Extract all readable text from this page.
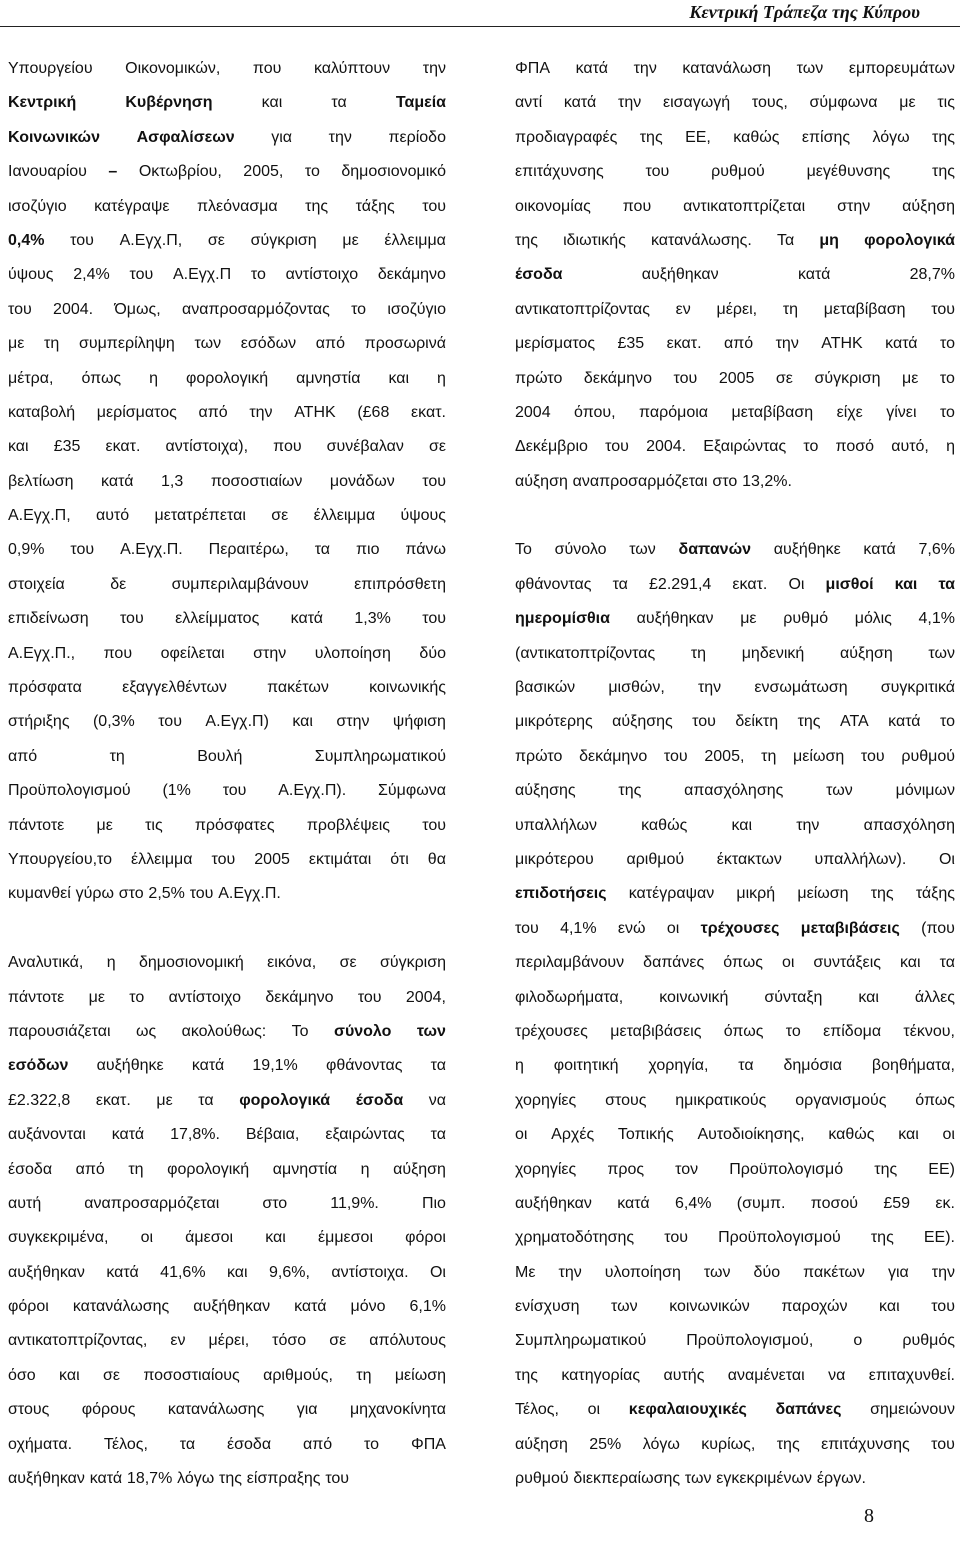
Κεντρική Τράπεζα της Κύπρου
Υπουργείου Οικονομικών, που καλύπτουν την
Κεντρική	Κυβέρνηση	και	τα	Ταμεία
Κοινωνικών Ασφαλίσεων για την περίοδο
Ιανουαρίου – Οκτωβρίου, 2005, το δημοσιονομικό
ισοζύγιο κατέγραψε πλεόνασμα της τάξης του
0,4% του Α.Εγχ.Π, σε σύγκριση με έλλειμμα
ύψους 2,4% του Α.Εγχ.Π το αντίστοιχο δεκάμηνο
του 2004. Όμως, αναπροσαρμόζοντας το ισοζύγιο
με τη συμπερίληψη των εσόδων από προσωρινά
μέτρα, όπως η φορολογική αμνηστία και η
καταβολή μερίσματος από την ΑΤΗΚ (£68 εκατ.
και £35 εκατ. αντίστοιχα), που συνέβαλαν σε
βελτίωση κατά 1,3 ποσοστιαίων μονάδων του
Α.Εγχ.Π, αυτό μετατρέπεται σε έλλειμμα ύψους
0,9% του Α.Εγχ.Π. Περαιτέρω, τα πιο πάνω
στοιχεία	δε	συμπεριλαμβάνουν	επιπρόσθετη
επιδείνωση του ελλείμματος κατά 1,3% του
Α.Εγχ.Π., που οφείλεται στην υλοποίηση δύο
πρόσφατα	εξαγγελθέντων	πακέτων	κοινωνικής
στήριξης (0,3% του Α.Εγχ.Π) και στην ψήφιση
από	τη	Βουλή	Συμπληρωματικού
Προϋπολογισμού (1% του Α.Εγχ.Π). Σύμφωνα
πάντοτε με τις πρόσφατες προβλέψεις του
Υπουργείου,το έλλειμμα του 2005 εκτιμάται ότι θα
κυμανθεί γύρω στο 2,5% του Α.Εγχ.Π.
Αναλυτικά, η δημοσιονομική εικόνα, σε σύγκριση
πάντοτε με το αντίστοιχο δεκάμηνο του 2004,
παρουσιάζεται ως ακολούθως: Το σύνολο των
εσόδων αυξήθηκε κατά 19,1% φθάνοντας τα
£2.322,8 εκατ. με τα φορολογικά έσοδα να
αυξάνονται κατά 17,8%. Βέβαια, εξαιρώντας τα
έσοδα από τη φορολογική αμνηστία η αύξηση
αυτή	αναπροσαρμόζεται	στο	11,9%.	Πιο
συγκεκριμένα, οι άμεσοι και έμμεσοι φόροι
αυξήθηκαν κατά 41,6% και 9,6%, αντίστοιχα. Οι
φόροι κατανάλωσης αυξήθηκαν κατά μόνο 6,1%
αντικατοπτρίζοντας, εν μέρει, τόσο σε απόλυτους
όσο και σε ποσοστιαίους αριθμούς, τη μείωση
στους φόρους κατανάλωσης για μηχανοκίνητα
οχήματα. Τέλος, τα έσοδα από το ΦΠΑ
αυξήθηκαν κατά 18,7% λόγω της είσπραξης του
ΦΠΑ κατά την κατανάλωση των εμπορευμάτων
αντί κατά την εισαγωγή τους, σύμφωνα με τις
προδιαγραφές της ΕΕ, καθώς επίσης λόγω της
επιτάχυνσης	του	ρυθμού	μεγέθυνσης	της
οικονομίας που αντικατοπτρίζεται στην αύξηση
της ιδιωτικής κατανάλωσης. Τα μη φορολογικά
έσοδα	αυξήθηκαν	κατά	28,7%
αντικατοπτρίζοντας εν μέρει, τη μεταβίβαση του
μερίσματος £35 εκατ. από την ΑΤΗΚ κατά το
πρώτο δεκάμηνο του 2005 σε σύγκριση με το
2004 όπου, παρόμοια μεταβίβαση είχε γίνει το
Δεκέμβριο του 2004. Εξαιρώντας το ποσό αυτό, η
αύξηση αναπροσαρμόζεται στο 13,2%.
Το σύνολο των δαπανών αυξήθηκε κατά 7,6%
φθάνοντας τα £2.291,4 εκατ. Οι μισθοί και τα
ημερομίσθια αυξήθηκαν με ρυθμό μόλις 4,1%
(αντικατοπτρίζοντας τη μηδενική αύξηση των
βασικών μισθών, την ενσωμάτωση συγκριτικά
μικρότερης αύξησης του δείκτη της ΑΤΑ κατά το
πρώτο δεκάμηνο του 2005, τη μείωση του ρυθμού
αύξησης	της	απασχόλησης	των	μόνιμων
υπαλλήλων	καθώς	και	την	απασχόληση
μικρότερου αριθμού έκτακτων υπαλλήλων). Οι
επιδοτήσεις κατέγραψαν μικρή μείωση της τάξης
του 4,1% ενώ οι τρέχουσες μεταβιβάσεις (που
περιλαμβάνουν δαπάνες όπως οι συντάξεις και τα
φιλοδωρήματα, κοινωνική σύνταξη και άλλες
τρέχουσες μεταβιβάσεις όπως το επίδομα τέκνου,
η φοιτητική χορηγία, τα δημόσια βοηθήματα,
χορηγίες στους ημικρατικούς οργανισμούς όπως
οι Αρχές Τοπικής Αυτοδιοίκησης, καθώς και οι
χορηγίες προς τον Προϋπολογισμό της ΕΕ)
αυξήθηκαν κατά 6,4% (συμπ. ποσού £59 εκ.
χρηματοδότησης του Προϋπολογισμού της ΕΕ).
Με την υλοποίηση των δύο πακέτων για την
ενίσχυση των κοινωνικών παροχών και του
Συμπληρωματικού	Προϋπολογισμού,	ο	ρυθμός
της κατηγορίας αυτής αναμένεται να επιταχυνθεί.
Τέλος, οι κεφαλαιουχικές δαπάνες σημειώνουν
αύξηση 25% λόγω κυρίως, της επιτάχυνσης του
ρυθμού διεκπεραίωσης των εγκεκριμένων έργων.
8
